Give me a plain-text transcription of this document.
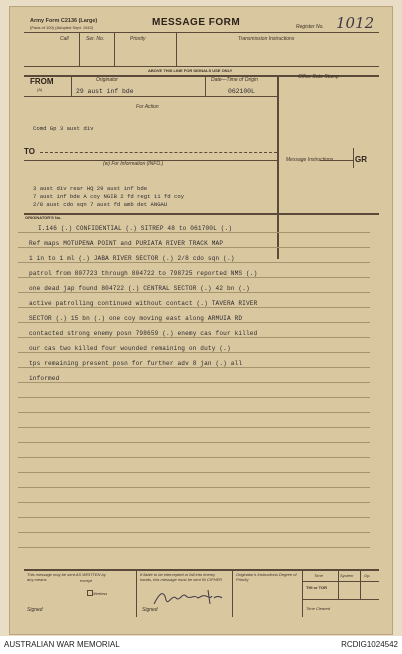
Army Form C2136 (Large)
(Pads of 100) (Adopted Sept. 1942)	MESSAGE FORM	Register No. 1012
Call	Ser. No.	Priority	Transmission Instructions
ABOVE THIS LINE FOR SIGNALS USE ONLY
FROM
(A)
Originator
29 aust inf bde
Date—Time of Origin
062100L
Office Date Stamp
For Action
Comd Gp 3 aust div
TO
Message Instructions	GR
(w) For Information (INFO.)
3 aust div rear HQ 29 aust inf bde
7 aust inf bde A coy NGIB 2 fd regt 11 fd coy
2/8 aust cdo sqn 7 aust fd amb det ANGAU
ORIGINATOR'S No.
I.146 (.) CONFIDENTIAL (.) SITREP 48 to 061700L (.)
Ref maps MOTUPENA POINT and PURIATA RIVER TRACK MAP
1 in to 1 ml (.) JABA RIVER SECTOR (.) 2/8 cdo sqn (.)
patrol from 807723 through 804722 to 798725 reported NMS (.)
one dead jap found 804722 (.) CENTRAL SECTOR (.) 42 bn (.)
active patrolling continued without contact (.) TAVERA RIVER
SECTOR (.) 15 bn (.) one coy moving east along ARMUIA RD
contacted strong enemy posn 798659 (.) enemy cas four killed
our cas two killed four wounded remaining on duty (.)
tps remaining present posn for further adv 8 jan (.) all
informed
This message may be sent AS WRITTEN by any means	except
Wireless
If liable to be intercepted or fall into enemy hands, this message must be sent IN CIPHER
Originator's Instructions Degree of Priority
Time	System	Op.
THI or TOR
Time Cleared
Signed	Signed
AUSTRALIAN WAR MEMORIAL	RCDIG1024542
